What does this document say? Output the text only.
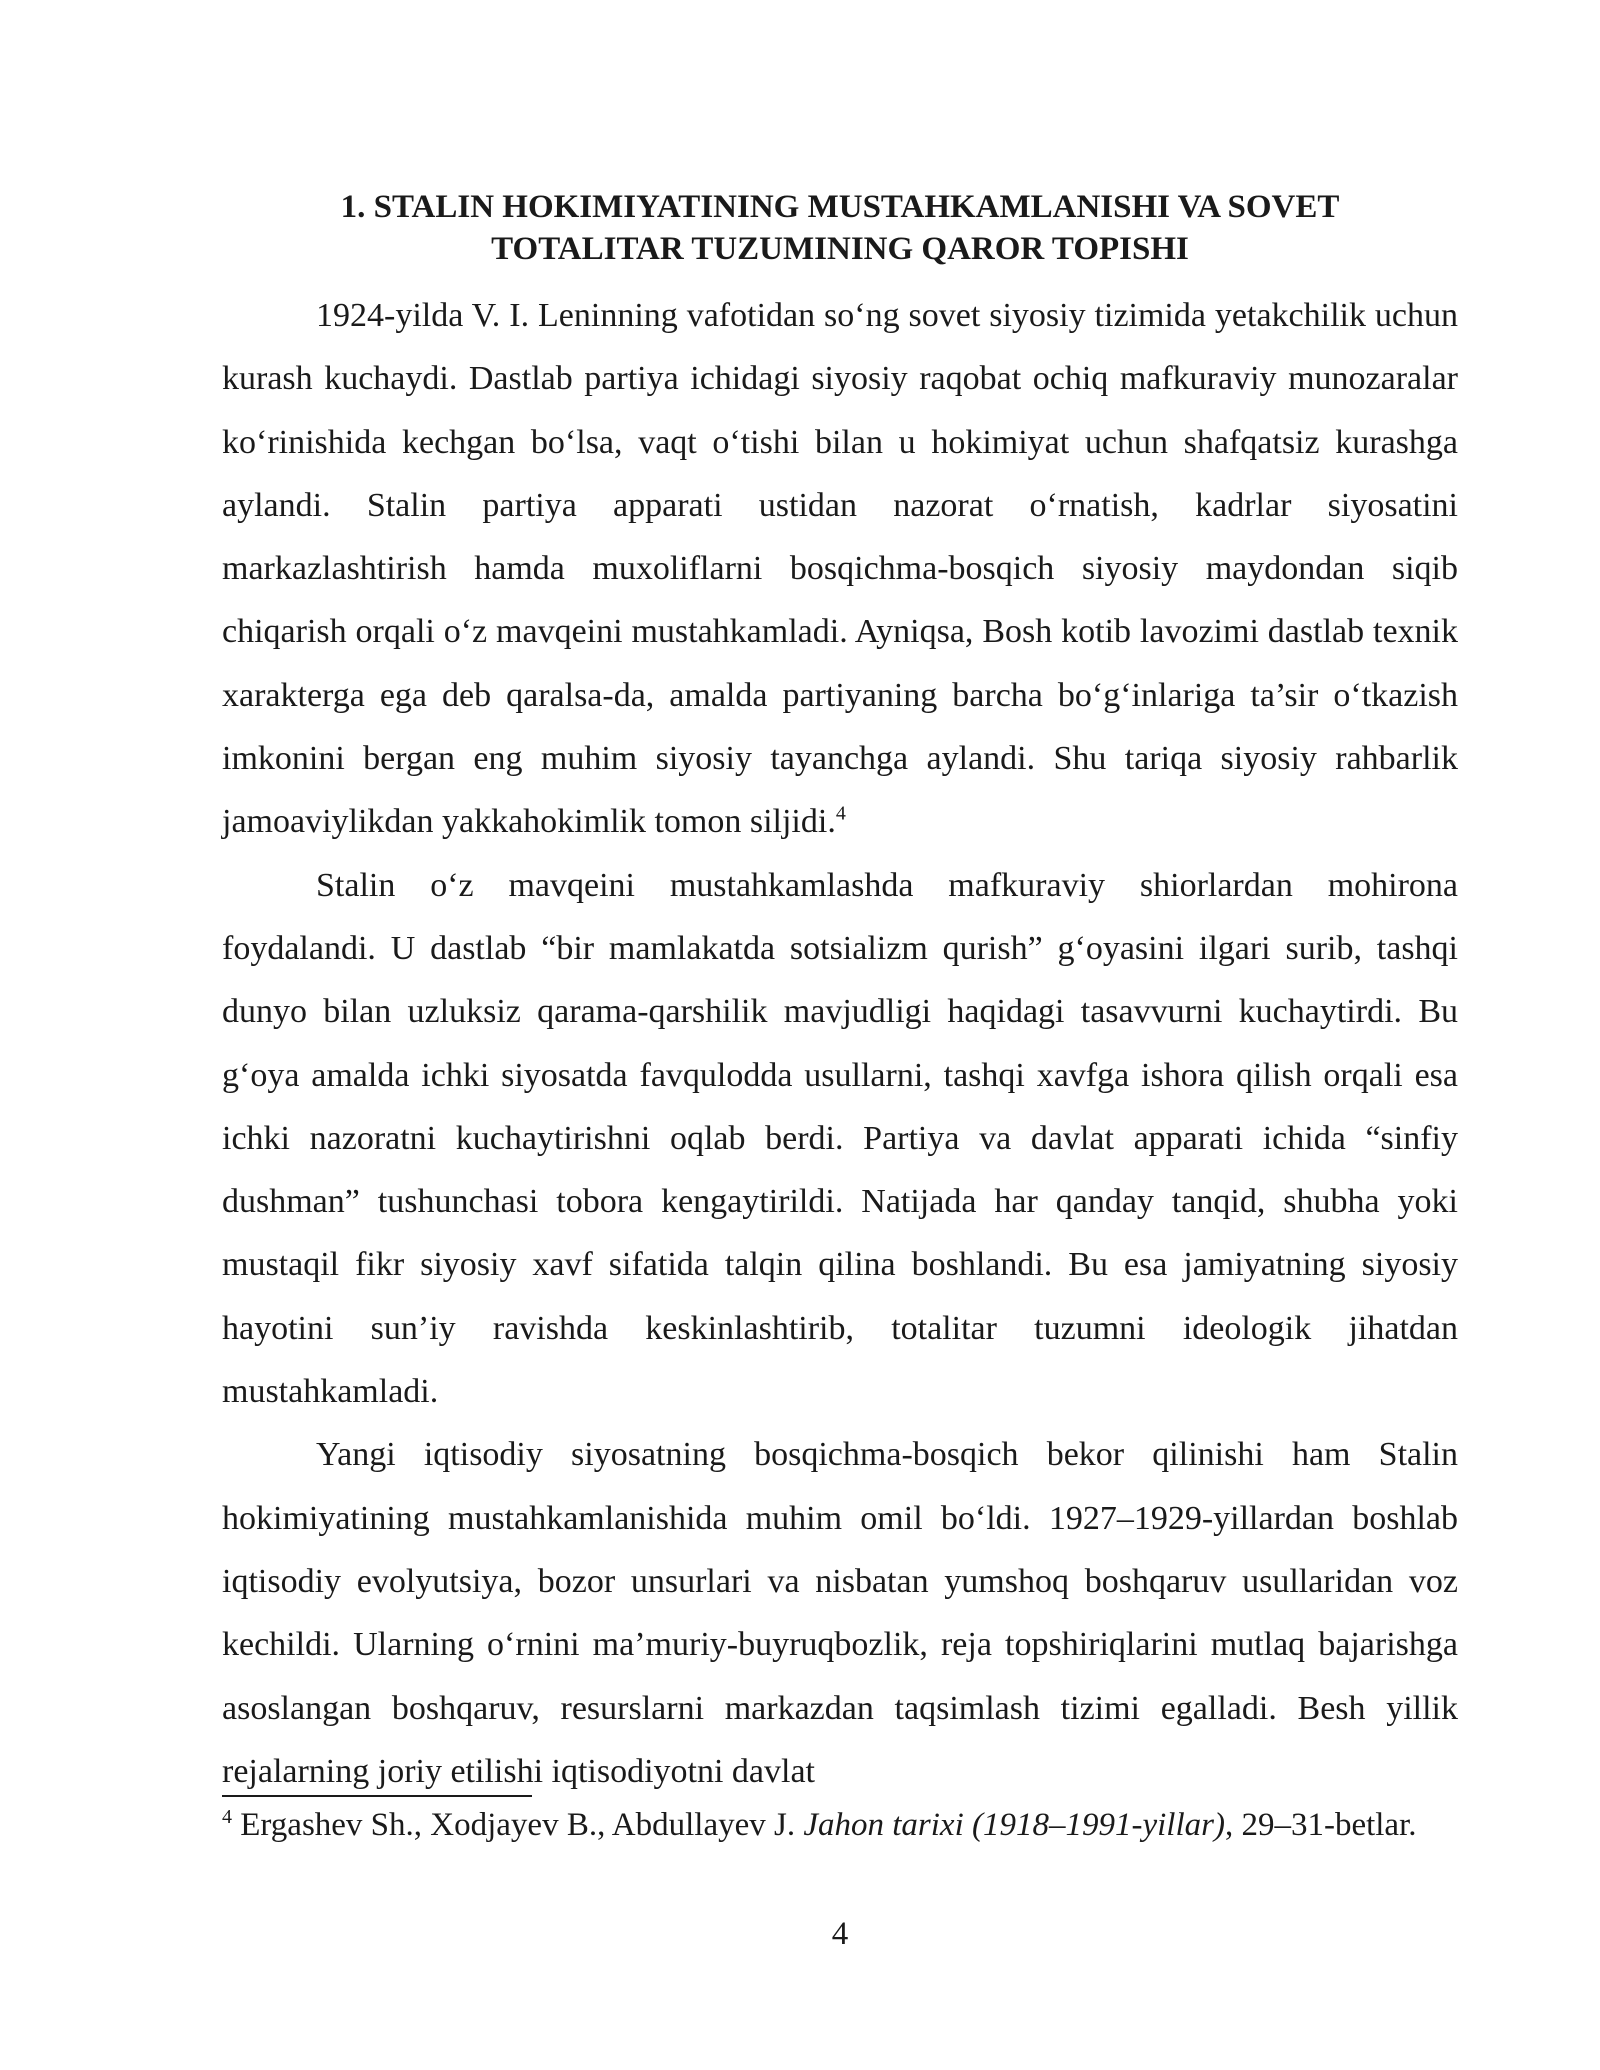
1. STALIN HOKIMIYATINING MUSTAHKAMLANISHI VA SOVET
TOTALITAR TUZUMINING QAROR TOPISHI

1924-yilda V. I. Leninning vafotidan so‘ng sovet siyosiy tizimida yetakchilik uchun kurash kuchaydi. Dastlab partiya ichidagi siyosiy raqobat ochiq mafkuraviy munozaralar ko‘rinishida kechgan bo‘lsa, vaqt o‘tishi bilan u hokimiyat uchun shafqatsiz kurashga aylandi. Stalin partiya apparati ustidan nazorat o‘rnatish, kadrlar siyosatini markazlashtirish hamda muxoliflarni bosqichma-bosqich siyosiy maydondan siqib chiqarish orqali o‘z mavqeini mustahkamladi. Ayniqsa, Bosh kotib lavozimi dastlab texnik xarakterga ega deb qaralsa-da, amalda partiyaning barcha bo‘g‘inlariga ta’sir o‘tkazish imkonini bergan eng muhim siyosiy tayanchga aylandi. Shu tariqa siyosiy rahbarlik jamoaviylikdan yakkahokimlik tomon siljidi.$^4$

Stalin o‘z mavqeini mustahkamlashda mafkuraviy shiorlardan mohirona foydalandi. U dastlab “bir mamlakatda sotsializm qurish” g‘oyasini ilgari surib, tashqi dunyo bilan uzluksiz qarama-qarshilik mavjudligi haqidagi tasavvurni kuchaytirdi. Bu g‘oya amalda ichki siyosatda favqulodda usullarni, tashqi xavfga ishora qilish orqali esa ichki nazoratni kuchaytirishni oqlab berdi. Partiya va davlat apparati ichida “sinfiy dushman” tushunchasi tobora kengaytirildi. Natijada har qanday tanqid, shubha yoki mustaqil fikr siyosiy xavf sifatida talqin qilina boshlandi. Bu esa jamiyatning siyosiy hayotini sun’iy ravishda keskinlashtirib, totalitar tuzumni ideologik jihatdan mustahkamladi.

Yangi iqtisodiy siyosatning bosqichma-bosqich bekor qilinishi ham Stalin hokimiyatining mustahkamlanishida muhim omil bo‘ldi. 1927–1929-yillardan boshlab iqtisodiy evolyutsiya, bozor unsurlari va nisbatan yumshoq boshqaruv usullaridan voz kechildi. Ularning o‘rnini ma’muriy-buyruqbozlik, reja topshiriqlarini mutlaq bajarishga asoslangan boshqaruv, resurslarni markazdan taqsimlash tizimi egalladi. Besh yillik rejalarning joriy etilishi iqtisodiyotni davlat

$^4$ Ergashev Sh., Xodjayev B., Abdullayev J. Jahon tarixi (1918–1991-yillar), 29–31-betlar.

4
